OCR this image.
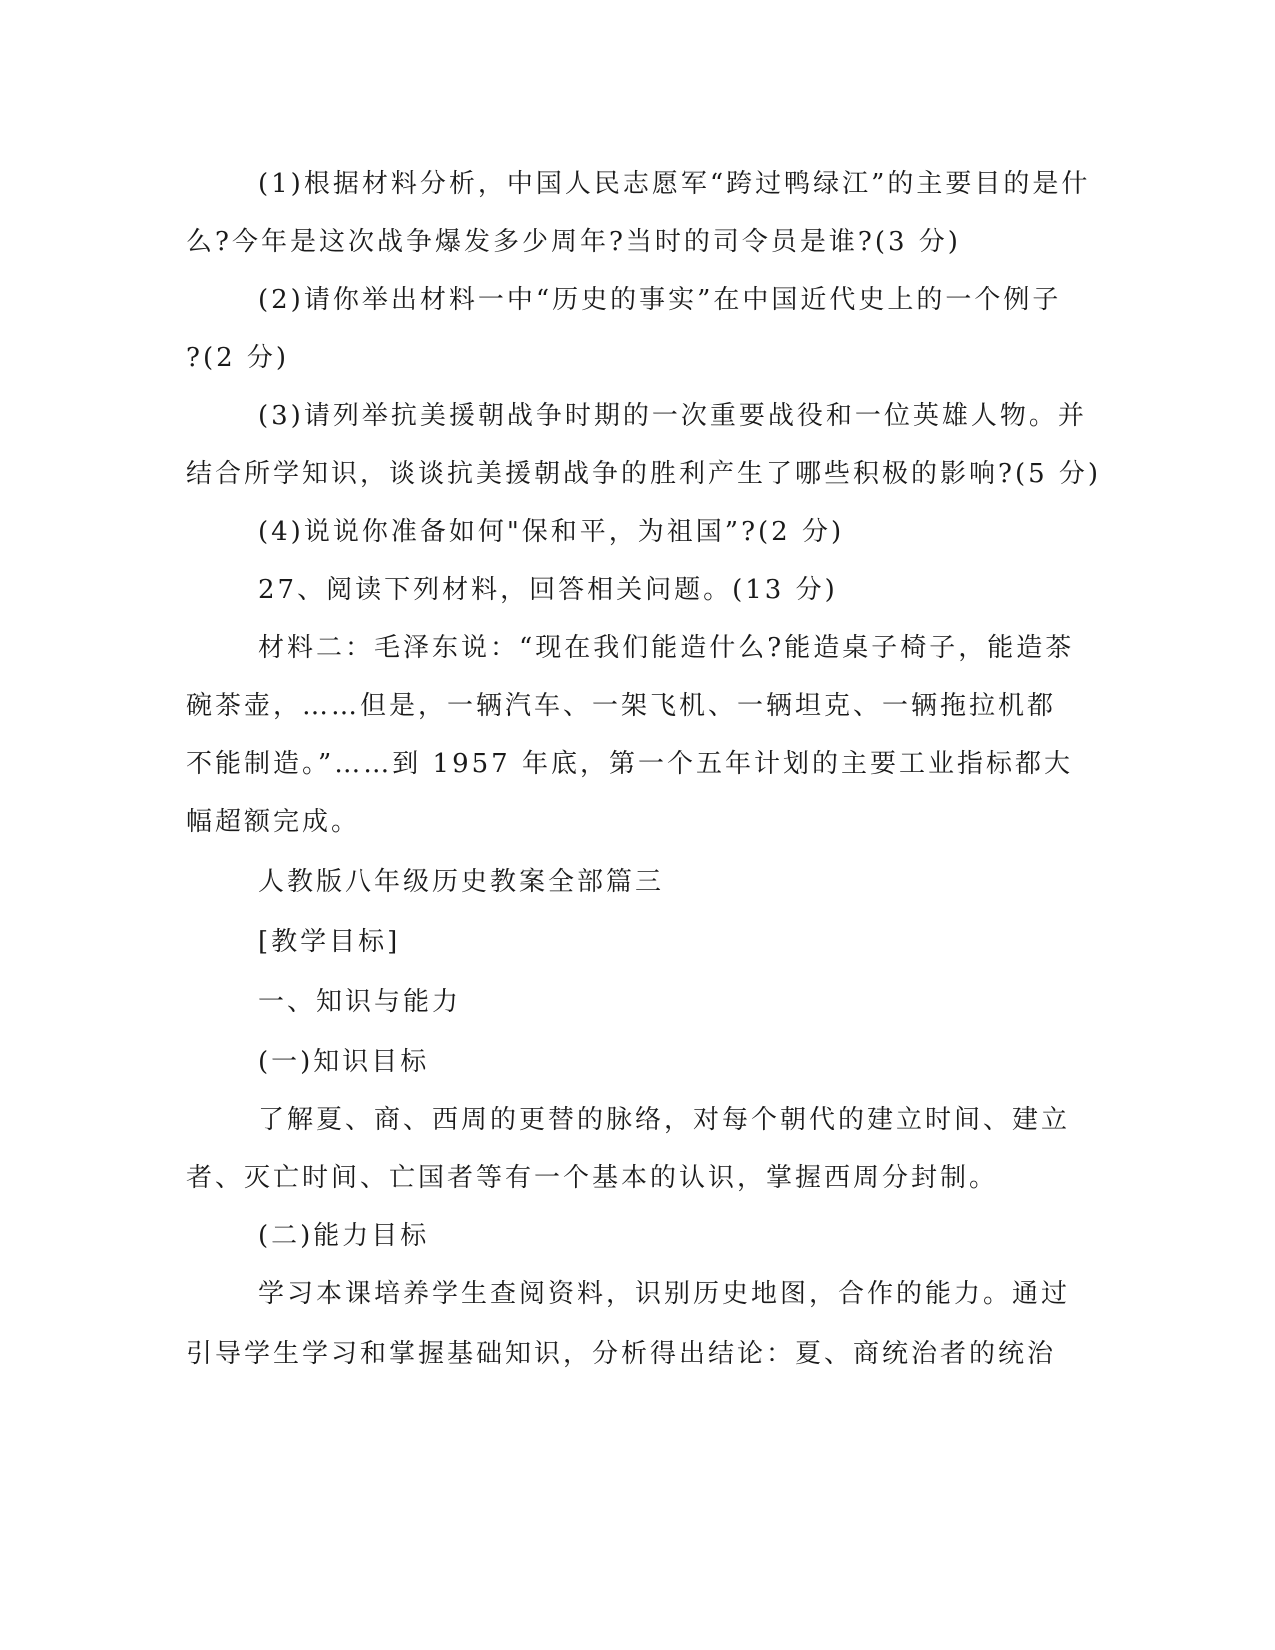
(1)根据材料分析，中国人民志愿军“跨过鸭绿江”的主要目的是什
么?今年是这次战争爆发多少周年?当时的司令员是谁?(3 分)
(2)请你举出材料一中“历史的事实”在中国近代史上的一个例子
?(2 分)
(3)请列举抗美援朝战争时期的一次重要战役和一位英雄人物。并
结合所学知识，谈谈抗美援朝战争的胜利产生了哪些积极的影响?(5 分)
(4)说说你准备如何"保和平，为祖国”?(2 分)
27、阅读下列材料，回答相关问题。(13 分)
材料二：毛泽东说：“现在我们能造什么?能造桌子椅子，能造茶
碗茶壶，……但是，一辆汽车、一架飞机、一辆坦克、一辆拖拉机都
不能制造。”……到 1957 年底，第一个五年计划的主要工业指标都大
幅超额完成。
人教版八年级历史教案全部篇三
[教学目标]
一、知识与能力
(一)知识目标
了解夏、商、西周的更替的脉络，对每个朝代的建立时间、建立
者、灭亡时间、亡国者等有一个基本的认识，掌握西周分封制。
(二)能力目标
学习本课培养学生查阅资料，识别历史地图，合作的能力。通过
引导学生学习和掌握基础知识，分析得出结论：夏、商统治者的统治
